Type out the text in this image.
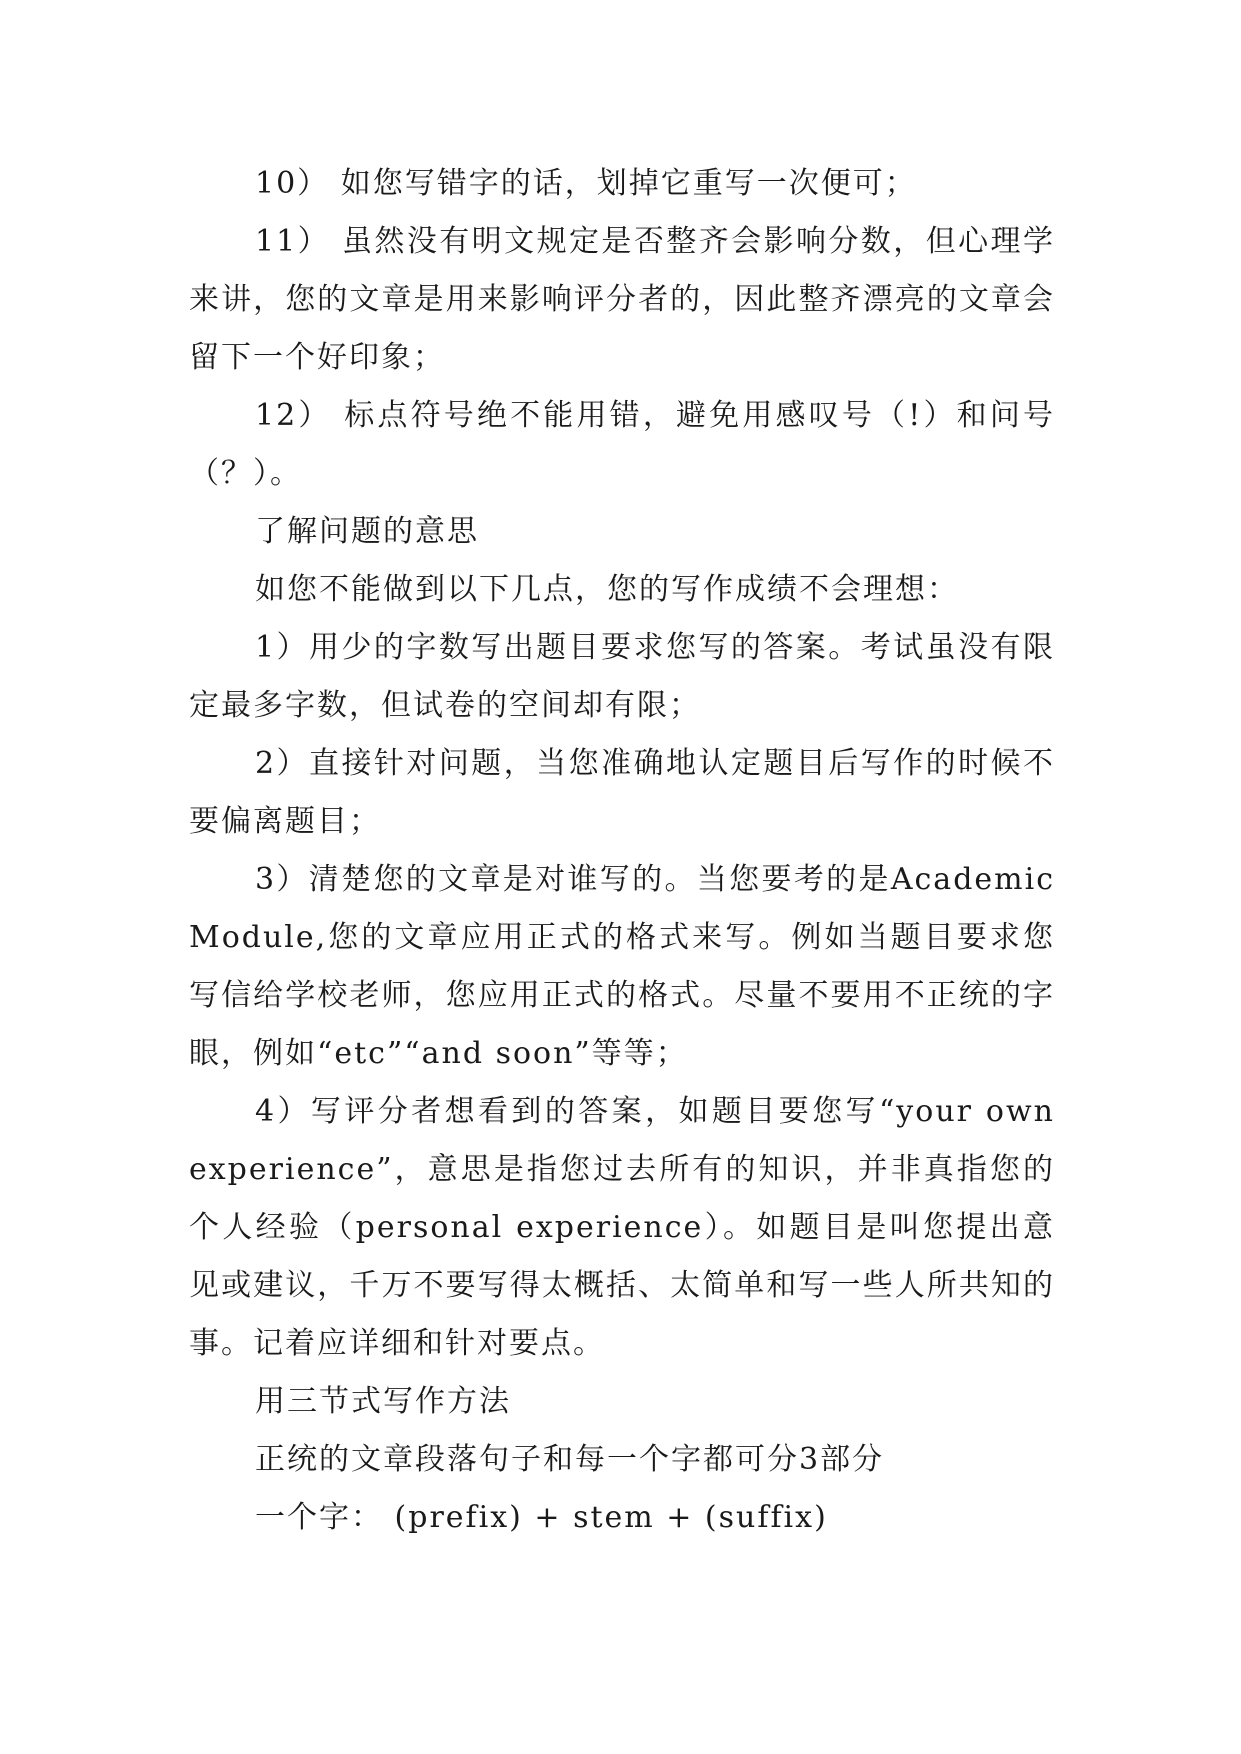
10） 如您写错字的话，划掉它重写一次便可；

11） 虽然没有明文规定是否整齐会影响分数，但心理学来讲，您的文章是用来影响评分者的，因此整齐漂亮的文章会留下一个好印象；

12） 标点符号绝不能用错，避免用感叹号（!）和问号（？）。

了解问题的意思

如您不能做到以下几点，您的写作成绩不会理想：

1）用少的字数写出题目要求您写的答案。考试虽没有限定最多字数，但试卷的空间却有限；

2）直接针对问题，当您准确地认定题目后写作的时候不要偏离题目；

3）清楚您的文章是对谁写的。当您要考的是Academic Module,您的文章应用正式的格式来写。例如当题目要求您写信给学校老师，您应用正式的格式。尽量不要用不正统的字眼，例如“etc”“and soon”等等；

4）写评分者想看到的答案，如题目要您写“your own experience”，意思是指您过去所有的知识，并非真指您的个人经验（personal experience）。如题目是叫您提出意见或建议，千万不要写得太概括、太简单和写一些人所共知的事。记着应详细和针对要点。

用三节式写作方法

正统的文章段落句子和每一个字都可分3部分

一个字： (prefix) + stem + (suffix)
